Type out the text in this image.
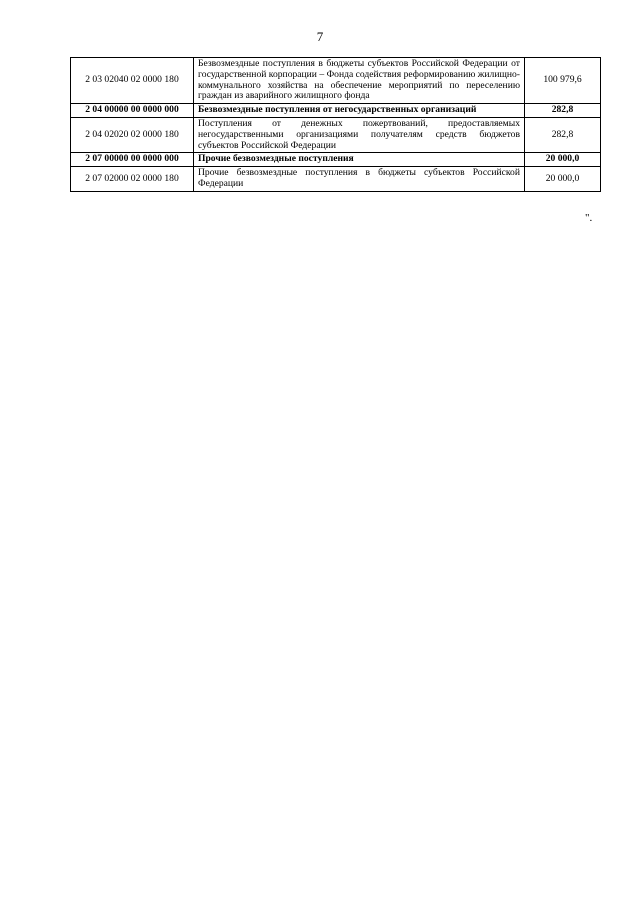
7
2 03 02040 02 0000 180	Безвозмездные поступления в бюджеты субъектов Российской Федерации от государственной корпорации – Фонда содействия реформированию жилищно-коммунального хозяйства на обеспечение мероприятий по переселению граждан из аварийного жилищного фонда	100 979,6
2 04 00000 00 0000 000	Безвозмездные поступления от негосударственных организаций	282,8
2 04 02020 02 0000 180	Поступления от денежных пожертвований, предоставляемых негосударственными организациями получателям средств бюджетов субъектов Российской Федерации	282,8
2 07 00000 00 0000 000	Прочие безвозмездные поступления	20 000,0
2 07 02000 02 0000 180	Прочие безвозмездные поступления в бюджеты субъектов Российской Федерации	20 000,0
".
